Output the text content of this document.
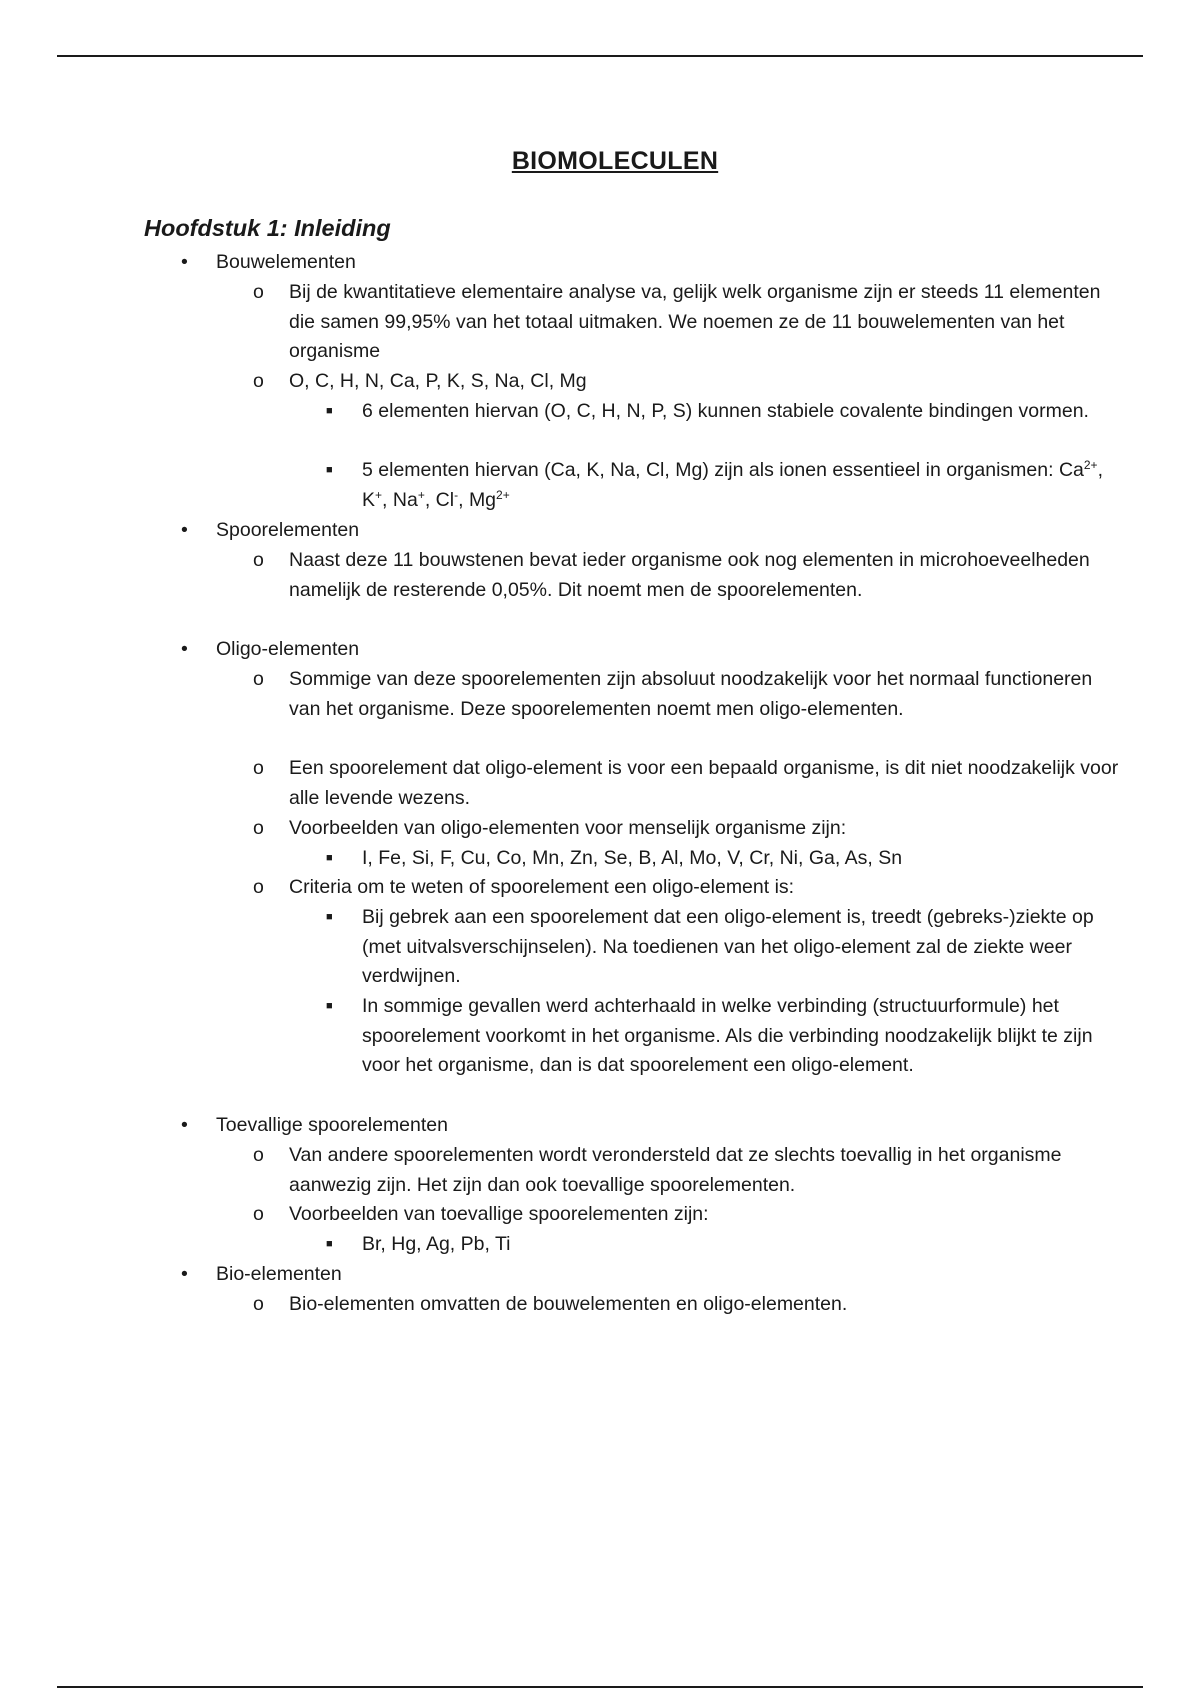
BIOMOLECULEN
Hoofdstuk 1: Inleiding
• Bouwelementen
o Bij de kwantitatieve elementaire analyse va, gelijk welk organisme zijn er steeds 11 elementen die samen 99,95% van het totaal uitmaken. We noemen ze de 11 bouwelementen van het organisme
o O, C, H, N, Ca, P, K, S, Na, Cl, Mg
■ 6 elementen hiervan (O, C, H, N, P, S) kunnen stabiele covalente bindingen vormen.
■ 5 elementen hiervan (Ca, K, Na, Cl, Mg) zijn als ionen essentieel in organismen: $Ca^{2+}$, K+, Na+, Cl-, $Mg^{2+}$
• Spoorelementen
o Naast deze 11 bouwstenen bevat ieder organisme ook nog elementen in microhoeveelheden namelijk de resterende 0,05%. Dit noemt men de spoorelementen.
• Oligo-elementen
o Sommige van deze spoorelementen zijn absoluut noodzakelijk voor het normaal functioneren van het organisme. Deze spoorelementen noemt men oligo-elementen.
o Een spoorelement dat oligo-element is voor een bepaald organisme, is dit niet noodzakelijk voor alle levende wezens.
o Voorbeelden van oligo-elementen voor menselijk organisme zijn:
■ I, Fe, Si, F, Cu, Co, Mn, Zn, Se, B, Al, Mo, V, Cr, Ni, Ga, As, Sn
o Criteria om te weten of spoorelement een oligo-element is:
■ Bij gebrek aan een spoorelement dat een oligo-element is, treedt (gebreks-)ziekte op (met uitvalsverschijnselen). Na toedienen van het oligo-element zal de ziekte weer verdwijnen.
■ In sommige gevallen werd achterhaald in welke verbinding (structuurformule) het spoorelement voorkomt in het organisme. Als die verbinding noodzakelijk blijkt te zijn voor het organisme, dan is dat spoorelement een oligo-element.
• Toevallige spoorelementen
o Van andere spoorelementen wordt verondersteld dat ze slechts toevallig in het organisme aanwezig zijn. Het zijn dan ook toevallige spoorelementen.
o Voorbeelden van toevallige spoorelementen zijn:
■ Br, Hg, Ag, Pb, Ti
• Bio-elementen
o Bio-elementen omvatten de bouwelementen en oligo-elementen.
